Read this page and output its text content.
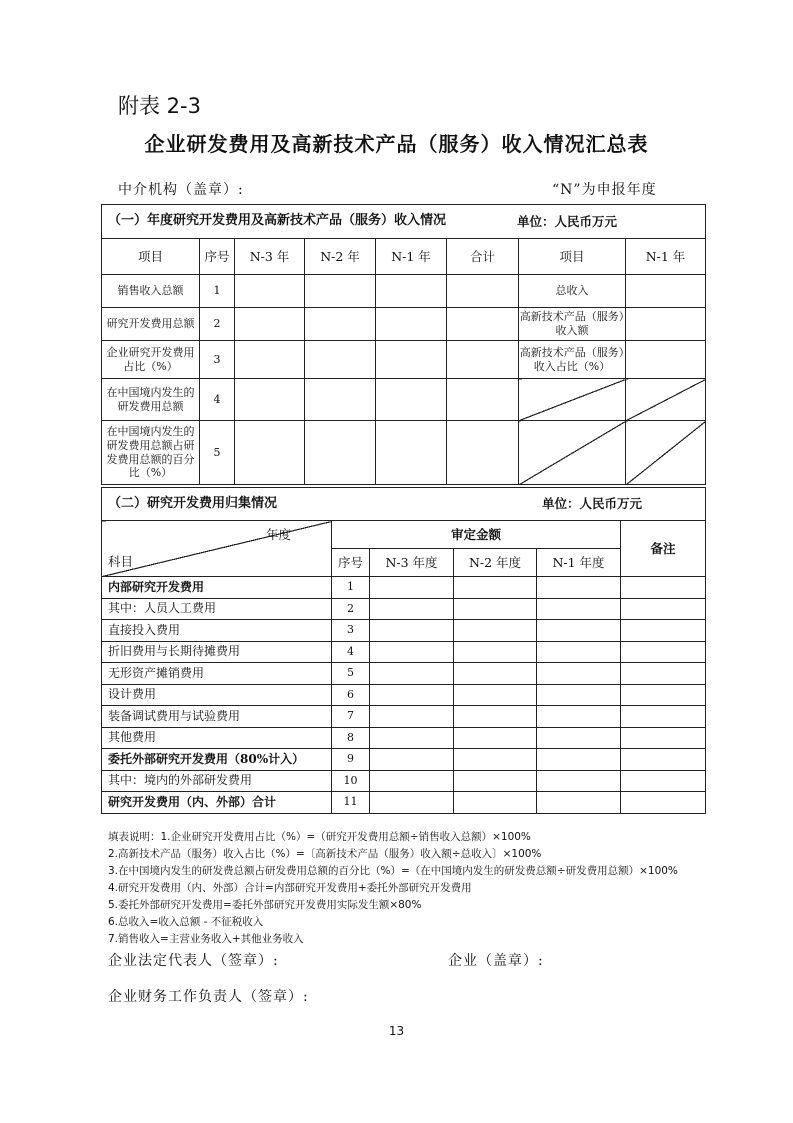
附表 2-3
企业研发费用及高新技术产品（服务）收入情况汇总表
中介机构（盖章）:	“N”为申报年度
（一）年度研究开发费用及高新技术产品（服务）收入情况 单位：人民币万元							

项目	序号	N-3 年	N-2 年	N-1 年	合计	项目	N-1 年
销售收入总额	1					总收入	
研究开发费用总额	2					高新技术产品（服务）收入额	
企业研究开发费用占比（%）	3					高新技术产品（服务）收入占比（%）	
在中国境内发生的研发费用总额	4						
在中国境内发生的研发费用总额占研发费用总额的百分比（%）	5						
（二）研究开发费用归集情况 单位：人民币万元					

年度
科目	审定金额				备注
	序号	N-3 年度	N-2 年度	N-1 年度	
内部研究开发费用	1				
其中：人员人工费用	2				
直接投入费用	3				
折旧费用与长期待摊费用	4				
无形资产摊销费用	5				
设计费用	6				
装备调试费用与试验费用	7				
其他费用	8				
委托外部研究开发费用（80%计入）	9				
其中：境内的外部研发费用	10				
研究开发费用（内、外部）合计	11				
填表说明：1.企业研究开发费用占比（%）=（研究开发费用总额÷销售收入总额）×100%
2.高新技术产品（服务）收入占比（%）=〔高新技术产品（服务）收入额÷总收入〕×100%
3.在中国境内发生的研发费总额占研发费用总额的百分比（%）=（在中国境内发生的研发费总额÷研发费用总额）×100%
4.研究开发费用（内、外部）合计=内部研究开发费用+委托外部研究开发费用
5.委托外部研究开发费用=委托外部研究开发费用实际发生额×80%
6.总收入=收入总额 - 不征税收入
7.销售收入=主营业务收入+其他业务收入
企业法定代表人（签章）:	企业（盖章）:
企业财务工作负责人（签章）:
13
